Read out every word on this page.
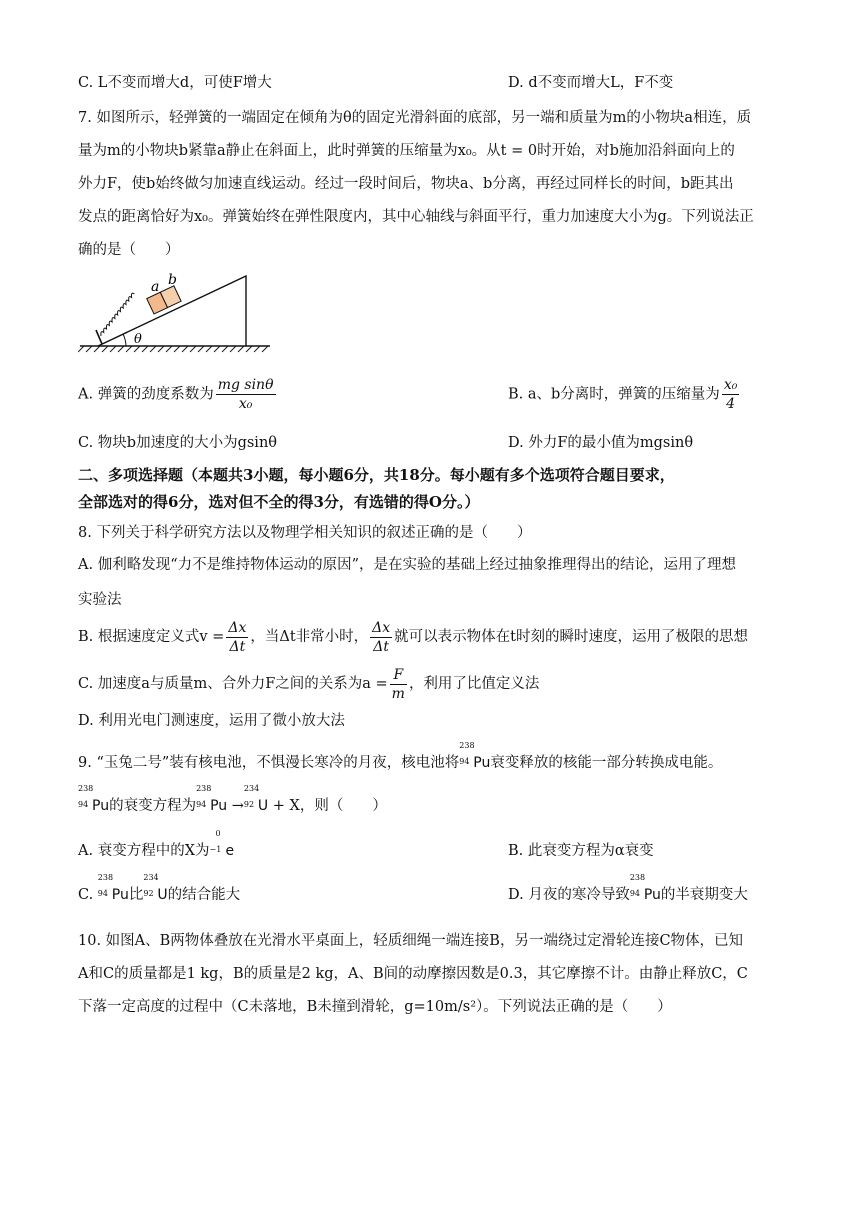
C. L不变而增大d，可使F增大	D. d不变而增大L，F不变
7. 如图所示，轻弹簧的一端固定在倾角为θ的固定光滑斜面的底部，另一端和质量为m的小物块a相连，质
量为m的小物块b紧靠a静止在斜面上，此时弹簧的压缩量为x₀。从t = 0时开始，对b施加沿斜面向上的
外力F，使b始终做匀加速直线运动。经过一段时间后，物块a、b分离，再经过同样长的时间，b距其出
发点的距离恰好为x₀。弹簧始终在弹性限度内，其中心轴线与斜面平行，重力加速度大小为g。下列说法正
确的是（　　）
a b
θ
A. 弹簧的劲度系数为 $\frac{\text{mg sinθ}}{\text{x₀}}$	B. a、b分离时，弹簧的压缩量为 $\frac{\text{x₀}}{4}$
C. 物块b加速度的大小为gsinθ	D. 外力F的最小值为mgsinθ
二、多项选择题（本题共3小题，每小题6分，共18分。每小题有多个选项符合题目要求，
全部选对的得6分，选对但不全的得3分，有选错的得O分。）
8. 下列关于科学研究方法以及物理学相关知识的叙述正确的是（　　）
A. 伽利略发现“力不是维持物体运动的原因”，是在实验的基础上经过抽象推理得出的结论，运用了理想
实验法
B. 根据速度定义式$v = \frac{\Delta x}{\Delta t}$ ，当Δt非常小时， $\frac{\Delta x}{\Delta t}$ 就可以表示物体在t时刻的瞬时速度，运用了极限的思想
C. 加速度a与质量m、合外力F之间的关系为$a = \frac{F}{m}$ ，利用了比值定义法
D. 利用光电门测速度，运用了微小放大法
9. “玉兔二号”装有核电池，不惧漫长寒冷的月夜，核电池将
238
94 Pu衰变释放的核能一部分转换成电能。
238
94 Pu的衰变方程为
238
94 Pu →
234
92 U + X，则（　　）
A. 衰变方程中的X为
0
−1 e	B. 此衰变方程为α衰变
C.
238
94 Pu比
234
92 U的结合能大	D. 月夜的寒冷导致
238
94 Pu的半衰期变大
10. 如图A、B两物体叠放在光滑水平桌面上，轻质细绳一端连接B，另一端绕过定滑轮连接C物体，已知
A和C的质量都是1 kg，B的质量是2 kg，A、B间的动摩擦因数是0.3，其它摩擦不计。由静止释放C，C
下落一定高度的过程中（C未落地，B未撞到滑轮，g=10m/s²）。下列说法正确的是（　　）
